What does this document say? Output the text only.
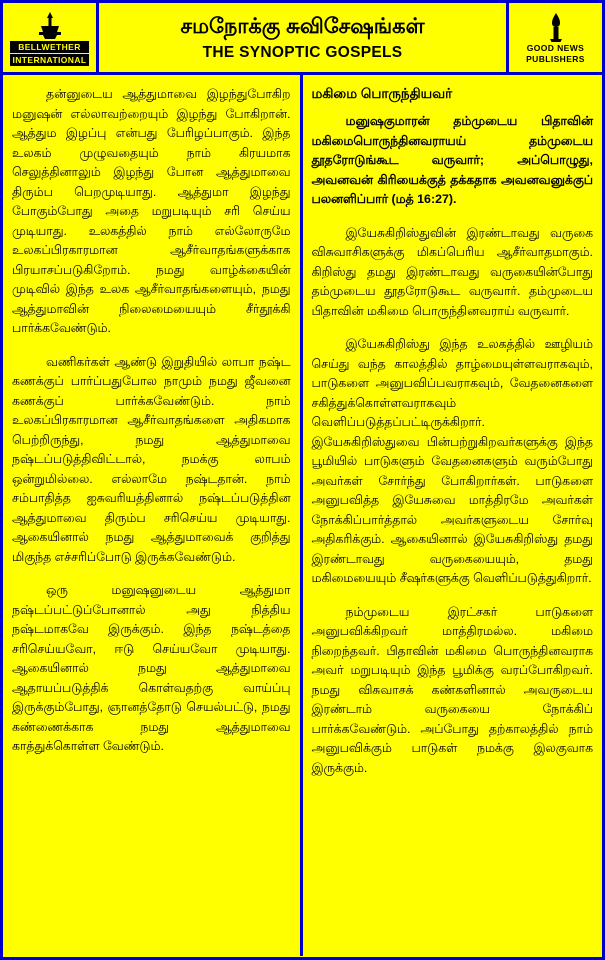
BELLWETHER
INTERNATIONAL
சமநோக்கு சுவிசேஷங்கள்
THE SYNOPTIC GOSPELS	GOOD NEWS
PUBLISHERS

தன்னுடைய ஆத்துமாவை இழந்துபோகிற மனுஷன் எல்லாவற்றையும் இழந்து போகிறான். ஆத்தும இழப்பு என்பது பேரிழப்பாகும். இந்த உலகம் முழுவதையும் நாம் கிரயமாக செலுத்தினாலும் இழந்து போன ஆத்துமாவை திரும்ப பெறமுடியாது. ஆத்துமா இழந்து போகும்போது அதை மறுபடியும் சரி செய்ய முடியாது. உலகத்தில் நாம் எல்லோருமே உலகப்பிரகாரமான ஆசீர்வாதங்களுக்காக பிரயாசப்படுகிறோம். நமது வாழ்க்கையின் முடிவில் இந்த உலக ஆசீர்வாதங்களையும், நமது ஆத்துமாவின் நிலைமையையும் சீர்தூக்கி பார்க்கவேண்டும்.

வணிகர்கள் ஆண்டு இறுதியில் லாபா நஷ்ட கணக்குப் பார்ப்பதுபோல நாமும் நமது ஜீவனை கணக்குப் பார்க்கவேண்டும். நாம் உலகப்பிரகாரமான ஆசீர்வாதங்களை அதிகமாக பெற்றிருந்து, நமது ஆத்துமாவை நஷ்டப்படுத்திவிட்டால், நமக்கு லாபம் ஒன்றுமில்லை. எல்லாமே நஷ்டதான். நாம் சம்பாதித்த ஐசுவரியத்தினால் நஷ்டப்படுத்தின ஆத்துமாவை திரும்ப சரிசெய்ய முடியாது. ஆகையினால் நமது ஆத்துமாவைக் குறித்து மிகுந்த எச்சரிப்போடு இருக்கவேண்டும்.

ஒரு மனுஷனுடைய ஆத்துமா நஷ்டப்பட்டுப்போனால் அது நித்திய நஷ்டமாகவே இருக்கும். இந்த நஷ்டத்தை சரிசெய்யவோ, ஈடு செய்யவோ முடியாது. ஆகையினால் நமது ஆத்துமாவை ஆதாயப்படுத்திக் கொள்வதற்கு வாய்ப்பு இருக்கும்போது, ஞானத்தோடு செயல்பட்டு, நமது கண்ணைக்காக நமது ஆத்துமாவை காத்துக்கொள்ள வேண்டும்.

மகிமை பொருந்தியவர்

மனுஷகுமாரன் தம்முடைய பிதாவின் மகிமைபொருந்தினவராயய் தம்முடைய தூதரோடுங்கூட வருவார்; அப்பொழுது, அவனவன் கிரியைக்குத் தக்கதாக அவனவனுக்குப் பலனளிப்பார் (மத் 16:27).

இயேசுகிறிஸ்துவின் இரண்டாவது வருகை விசுவாசிகளுக்கு மிகப்பெரிய ஆசீர்வாதமாகும். கிறிஸ்து தமது இரண்டாவது வருகையின்போது தம்முடைய தூதரோடுகூட வருவார். தம்முடைய பிதாவின் மகிமை பொருந்தினவராய் வருவார்.

இயேசுகிறிஸ்து இந்த உலகத்தில் ஊழியம் செய்து வந்த காலத்தில் தாழ்மையுள்ளவராகவும், பாடுகளை அனுபவிப்பவராகவும், வேதனைகளை சகித்துக்கொள்ளவராகவும் வெளிப்படுத்தப்பட்டிருக்கிறார். இயேசுகிறிஸ்துவை பின்பற்றுகிறவர்களுக்கு இந்த பூமியில் பாடுகளும் வேதனைகளும் வரும்போது அவர்கள் சோர்ந்து போகிறார்கள். பாடுகளை அனுபவித்த இயேசுவை மாத்திரமே அவர்கள் நோக்கிப்பார்த்தால் அவர்களுடைய சோர்வு அதிகரிக்கும். ஆகையினால் இயேசுகிறிஸ்து தமது இரண்டாவது வருகையையும், தமது மகிமையையும் சீஷர்களுக்கு வெளிப்படுத்துகிறார்.

நம்முடைய இரட்சகர் பாடுகளை அனுபவிக்கிறவர் மாத்திரமல்ல. மகிமை நிறைந்தவர். பிதாவின் மகிமை பொருந்தினவராக அவர் மறுபடியும் இந்த பூமிக்கு வரப்போகிறவர். நமது விசுவாசக் கண்களினால் அவருடைய இரண்டாம் வருகையை நோக்கிப் பார்க்கவேண்டும். அப்போது தற்காலத்தில் நாம் அனுபவிக்கும் பாடுகள் நமக்கு இலகுவாக இருக்கும்.
